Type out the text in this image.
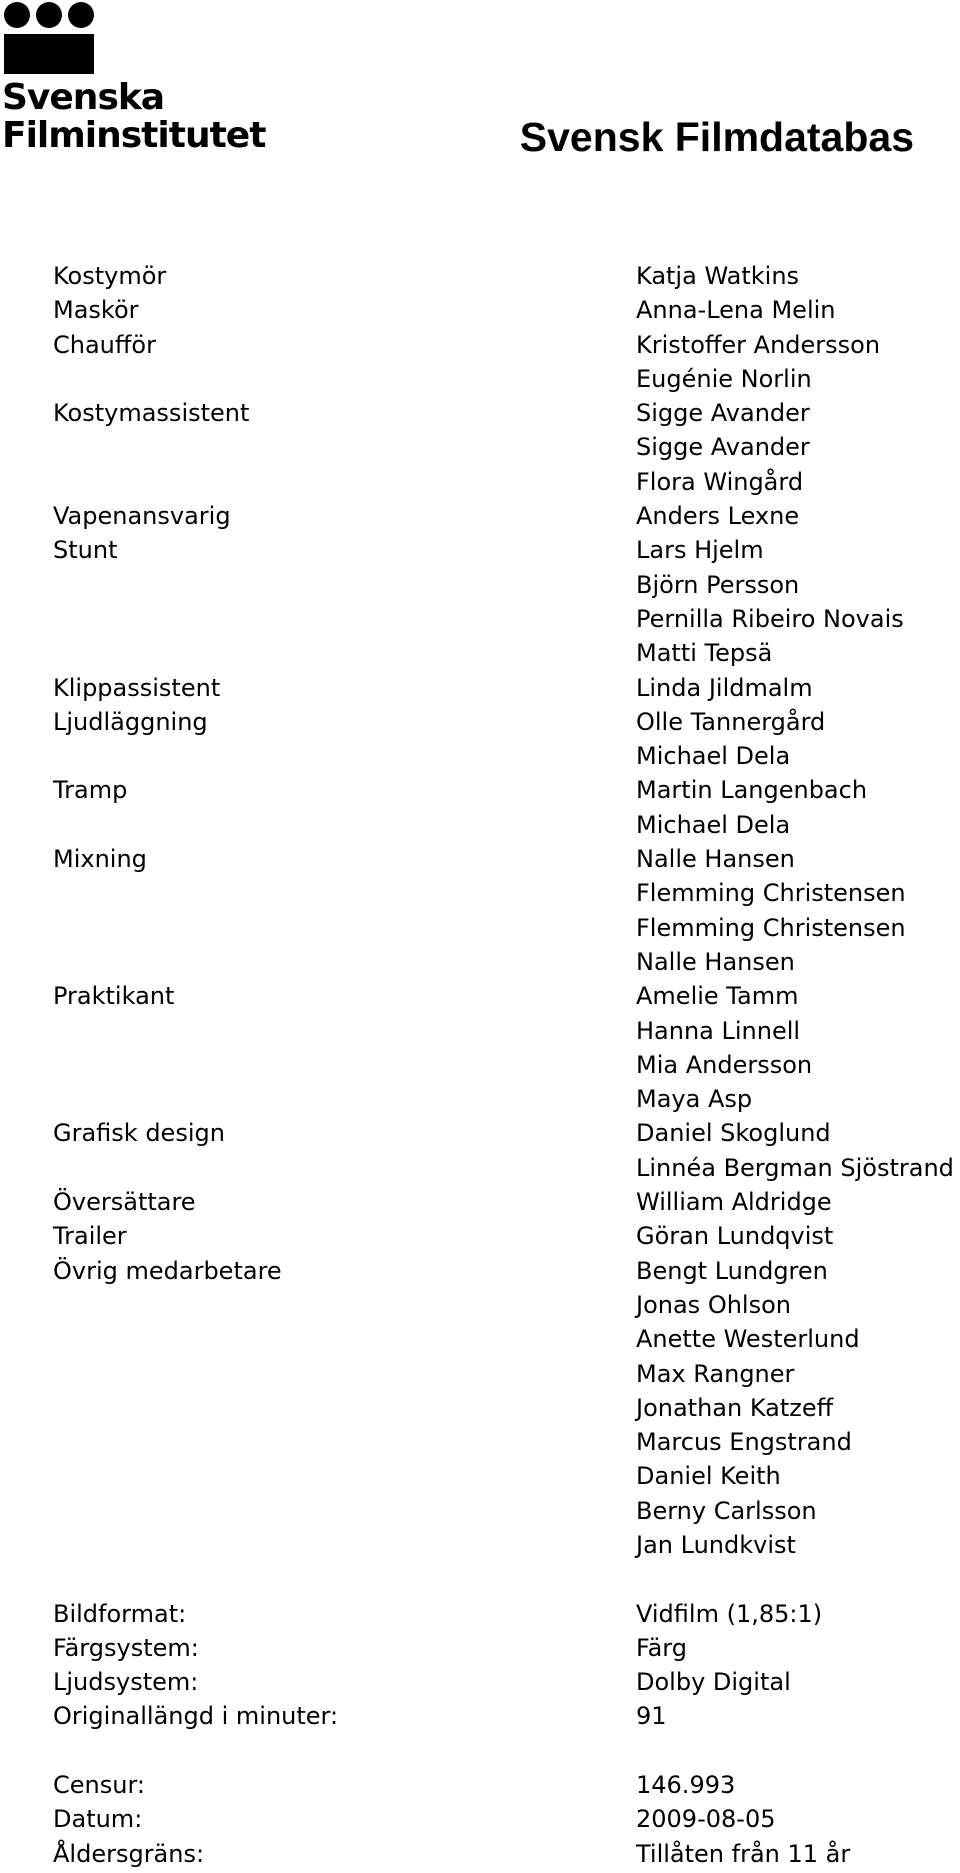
Svenska
Filminstitutet	Svensk Filmdatabas
Kostymör	Katja Watkins
Maskör	Anna-Lena Melin
Chaufför	Kristoffer Andersson
Eugénie Norlin
Kostymassistent	Sigge Avander
Sigge Avander
Flora Wingård
Vapenansvarig	Anders Lexne
Stunt	Lars Hjelm
Björn Persson
Pernilla Ribeiro Novais
Matti Tepsä
Klippassistent	Linda Jildmalm
Ljudläggning	Olle Tannergård
Michael Dela
Tramp	Martin Langenbach
Michael Dela
Mixning	Nalle Hansen
Flemming Christensen
Flemming Christensen
Nalle Hansen
Praktikant	Amelie Tamm
Hanna Linnell
Mia Andersson
Maya Asp
Grafisk design	Daniel Skoglund
Linnéa Bergman Sjöstrand
Översättare	William Aldridge
Trailer	Göran Lundqvist
Övrig medarbetare	Bengt Lundgren
Jonas Ohlson
Anette Westerlund
Max Rangner
Jonathan Katzeff
Marcus Engstrand
Daniel Keith
Berny Carlsson
Jan Lundkvist
Bildformat:	Vidfilm (1,85:1)
Färgsystem:	Färg
Ljudsystem:	Dolby Digital
Originallängd i minuter:	91
Censur:	146.993
Datum:	2009-08-05
Åldersgräns:	Tillåten från 11 år
